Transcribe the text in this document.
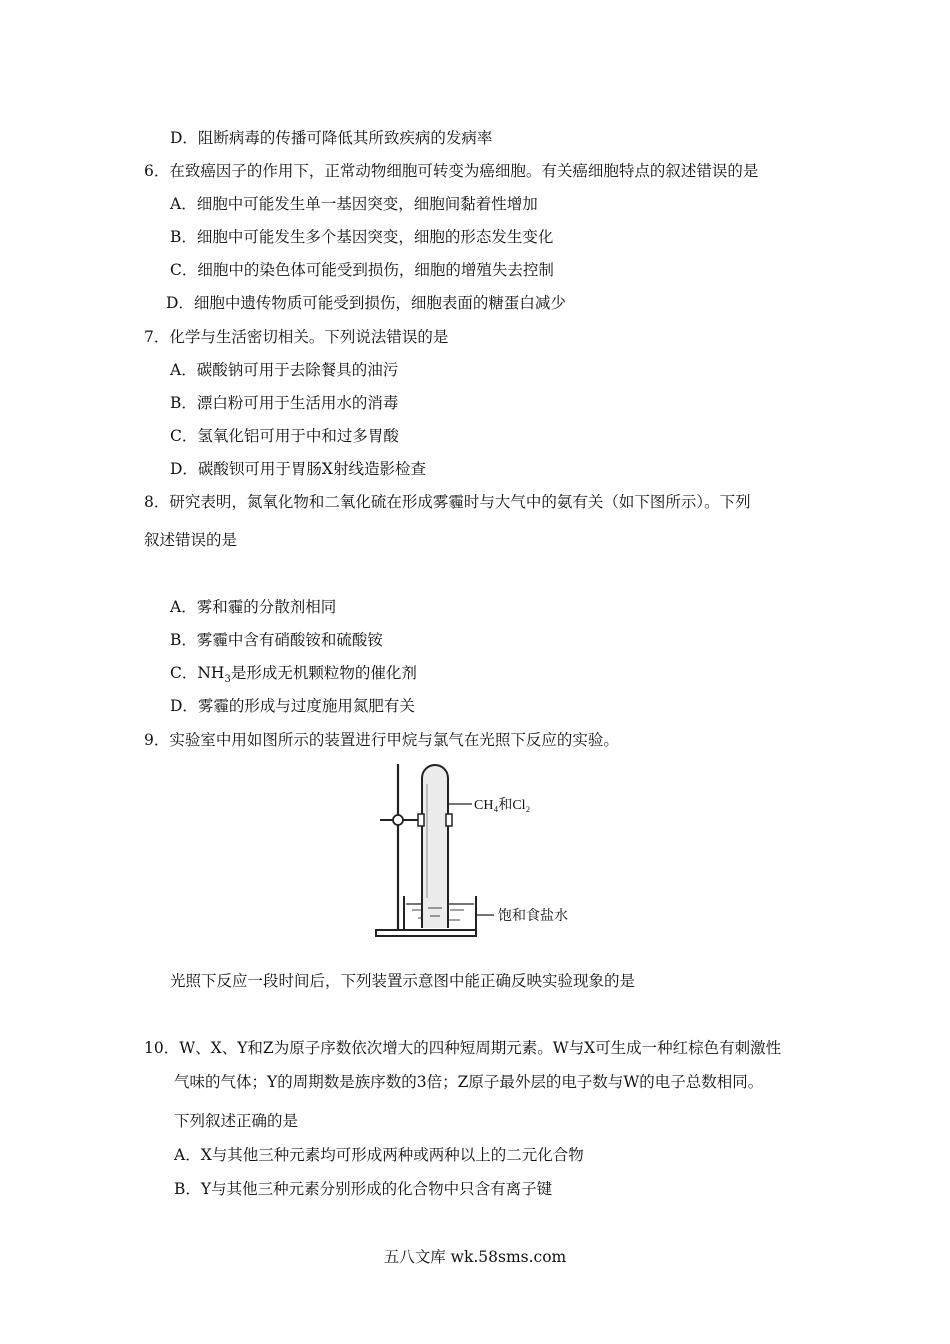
D．阻断病毒的传播可降低其所致疾病的发病率
6．在致癌因子的作用下，正常动物细胞可转变为癌细胞。有关癌细胞特点的叙述错误的是
A．细胞中可能发生单一基因突变，细胞间黏着性增加
B．细胞中可能发生多个基因突变，细胞的形态发生变化
C．细胞中的染色体可能受到损伤，细胞的增殖失去控制
D．细胞中遗传物质可能受到损伤，细胞表面的糖蛋白减少
7．化学与生活密切相关。下列说法错误的是
A．碳酸钠可用于去除餐具的油污
B．漂白粉可用于生活用水的消毒
C．氢氧化铝可用于中和过多胃酸
D．碳酸钡可用于胃肠X射线造影检查
8．研究表明，氮氧化物和二氧化硫在形成雾霾时与大气中的氨有关（如下图所示）。下列
叙述错误的是
A．雾和霾的分散剂相同
B．雾霾中含有硝酸铵和硫酸铵
C．$NH_3$是形成无机颗粒物的催化剂
D．雾霾的形成与过度施用氮肥有关
9．实验室中用如图所示的装置进行甲烷与氯气在光照下反应的实验。
CH₄和Cl₂
饱和食盐水
光照下反应一段时间后，下列装置示意图中能正确反映实验现象的是
10．W、X、Y和Z为原子序数依次增大的四种短周期元素。W与X可生成一种红棕色有刺激性
气味的气体；Y的周期数是族序数的3倍；Z原子最外层的电子数与W的电子总数相同。
下列叙述正确的是
A．X与其他三种元素均可形成两种或两种以上的二元化合物
B．Y与其他三种元素分别形成的化合物中只含有离子键
五八文库 wk.58sms.com
